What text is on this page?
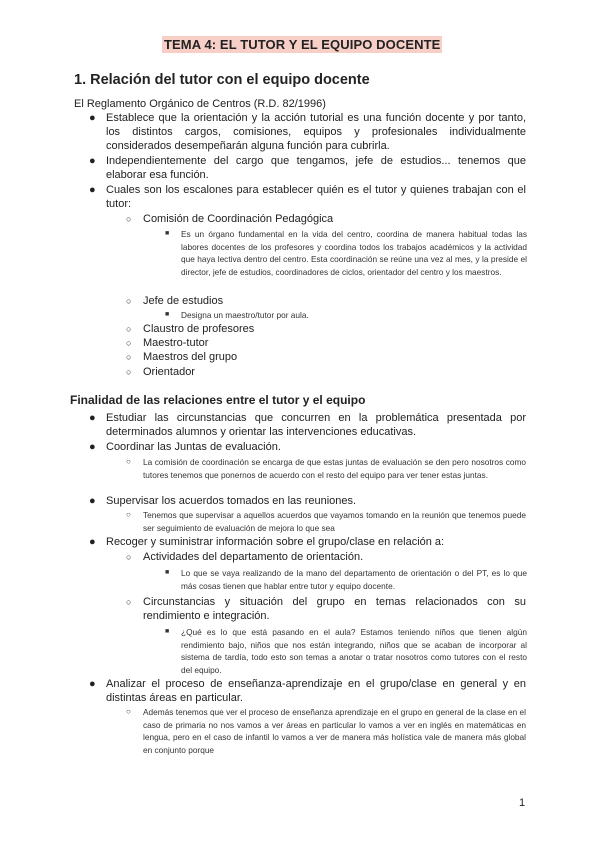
TEMA 4: EL TUTOR Y EL EQUIPO DOCENTE
1. Relación del tutor con el equipo docente
El Reglamento Orgánico de Centros (R.D. 82/1996)
● Establece que la orientación y la acción tutorial es una función docente y por tanto, los distintos cargos, comisiones, equipos y profesionales individualmente considerados desempeñarán alguna función para cubrirla.
● Independientemente del cargo que tengamos, jefe de estudios... tenemos que elaborar esa función.
● Cuales son los escalones para establecer quién es el tutor y quienes trabajan con el tutor:
○ Comisión de Coordinación Pedagógica
■ Es un órgano fundamental en la vida del centro, coordina de manera habitual todas las labores docentes de los profesores y coordina todos los trabajos académicos y la actividad que haya lectiva dentro del centro. Esta coordinación se reúne una vez al mes, y la preside el director, jefe de estudios, coordinadores de ciclos, orientador del centro y los maestros.
○ Jefe de estudios
■ Designa un maestro/tutor por aula.
○ Claustro de profesores
○ Maestro-tutor
○ Maestros del grupo
○ Orientador
Finalidad de las relaciones entre el tutor y el equipo
● Estudiar las circunstancias que concurren en la problemática presentada por determinados alumnos y orientar las intervenciones educativas.
● Coordinar las Juntas de evaluación.
○ La comisión de coordinación se encarga de que estas juntas de evaluación se den pero nosotros como tutores tenemos que ponernos de acuerdo con el resto del equipo para ver tener estas juntas.
● Supervisar los acuerdos tomados en las reuniones.
○ Tenemos que supervisar a aquellos acuerdos que vayamos tomando en la reunión que tenemos puede ser seguimiento de evaluación de mejora lo que sea
● Recoger y suministrar información sobre el grupo/clase en relación a:
○ Actividades del departamento de orientación.
■ Lo que se vaya realizando de la mano del departamento de orientación o del PT, es lo que más cosas tienen que hablar entre tutor y equipo docente.
○ Circunstancias y situación del grupo en temas relacionados con su rendimiento e integración.
■ ¿Qué es lo que está pasando en el aula? Estamos teniendo niños que tienen algún rendimiento bajo, niños que nos están integrando, niños que se acaban de incorporar al sistema de tardía, todo esto son temas a anotar o tratar nosotros como tutores con el resto del equipo.
● Analizar el proceso de enseñanza-aprendizaje en el grupo/clase en general y en distintas áreas en particular.
○ Además tenemos que ver el proceso de enseñanza aprendizaje en el grupo en general de la clase en el caso de primaria no nos vamos a ver áreas en particular lo vamos a ver en inglés en matemáticas en lengua, pero en el caso de infantil lo vamos a ver de manera más holística vale de manera más global en conjunto porque
1
